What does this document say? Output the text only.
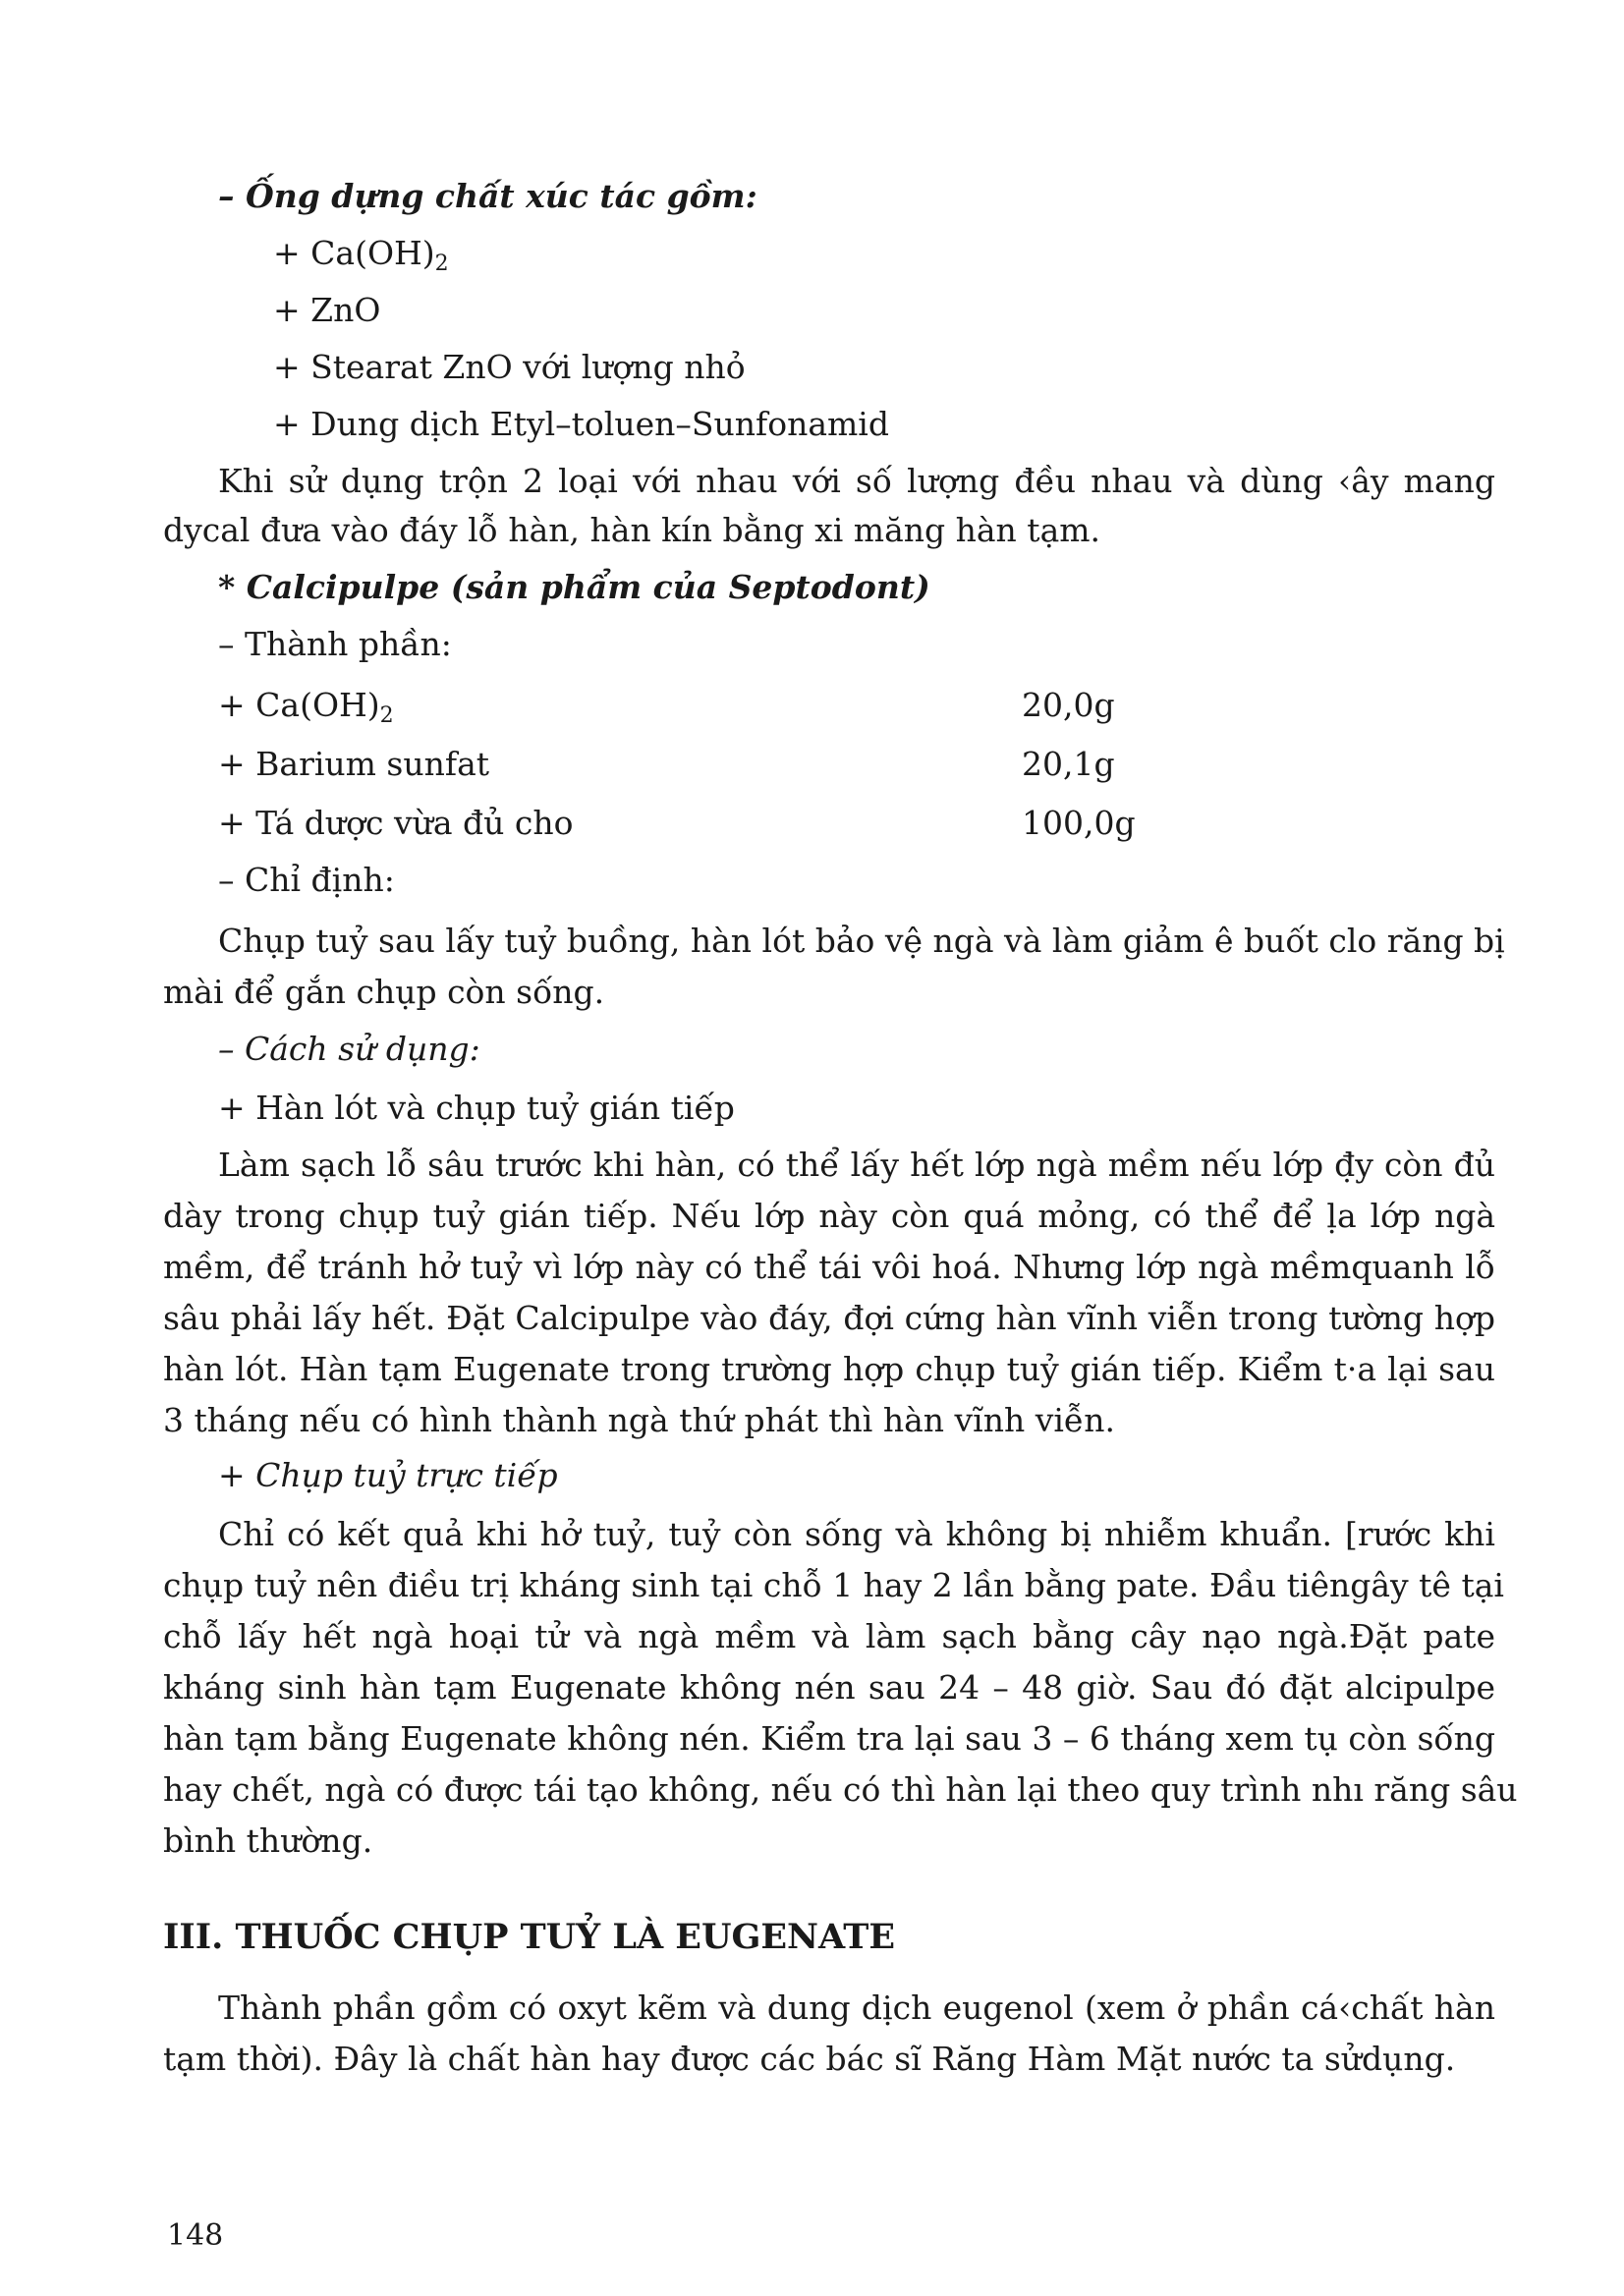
– Ống dựng chất xúc tác gồm:
+ $Ca(OH)_2$
+ ZnO
+ Stearat ZnO với lượng nhỏ
+ Dung dịch Etyl–toluen–Sunfonamid
Khi sử dụng trộn 2 loại với nhau với số lượng đều nhau và dùng ‹ây mang
dycal đưa vào đáy lỗ hàn, hàn kín bằng xi măng hàn tạm.
* Calcipulpe (sản phẩm của Septodont)
– Thành phần:
+ $Ca(OH)_2$	20,0g
+ Barium sunfat	20,1g
+ Tá dược vừa đủ cho	100,0g
– Chỉ định:
Chụp tuỷ sau lấy tuỷ buồng, hàn lót bảo vệ ngà và làm giảm ê buốt clo răng bị
mài để gắn chụp còn sống.
– Cách sử dụng:
+ Hàn lót và chụp tuỷ gián tiếp
Làm sạch lỗ sâu trước khi hàn, có thể lấy hết lớp ngà mềm nếu lớp đ̣y còn đủ
dày trong chụp tuỷ gián tiếp. Nếu lớp này còn quá mỏng, có thể để ḷa lớp ngà
mềm, để tránh hở tuỷ vì lớp này có thể tái vôi hoá. Nhưng lớp ngà mềmquanh lỗ
sâu phải lấy hết. Đặt Calcipulpe vào đáy, đợi cứng hàn vĩnh viễn trong tường hợp
hàn lót. Hàn tạm Eugenate trong trường hợp chụp tuỷ gián tiếp. Kiểm t·a lại sau
3 tháng nếu có hình thành ngà thứ phát thì hàn vĩnh viễn.
+ Chụp tuỷ trực tiếp
Chỉ có kết quả khi hở tuỷ, tuỷ còn sống và không bị nhiễm khuẩn. [rước khi
chụp tuỷ nên điều trị kháng sinh tại chỗ 1 hay 2 lần bằng pate. Đầu tiêngây tê tại
chỗ lấy hết ngà hoại tử và ngà mềm và làm sạch bằng cây nạo ngà.Đặt pate
kháng sinh hàn tạm Eugenate không nén sau 24 – 48 giờ. Sau đó đặt alcipulpe
hàn tạm bằng Eugenate không nén. Kiểm tra lại sau 3 – 6 tháng xem tụ còn sống
hay chết, ngà có được tái tạo không, nếu có thì hàn lại theo quy trình nhı răng sâu
bình thường.
III. THUỐC CHỤP TUỶ LÀ EUGENATE
Thành phần gồm có oxyt kẽm và dung dịch eugenol (xem ở phần cá‹chất hàn
tạm thời). Đây là chất hàn hay được các bác sĩ Răng Hàm Mặt nước ta sửdụng.
148
